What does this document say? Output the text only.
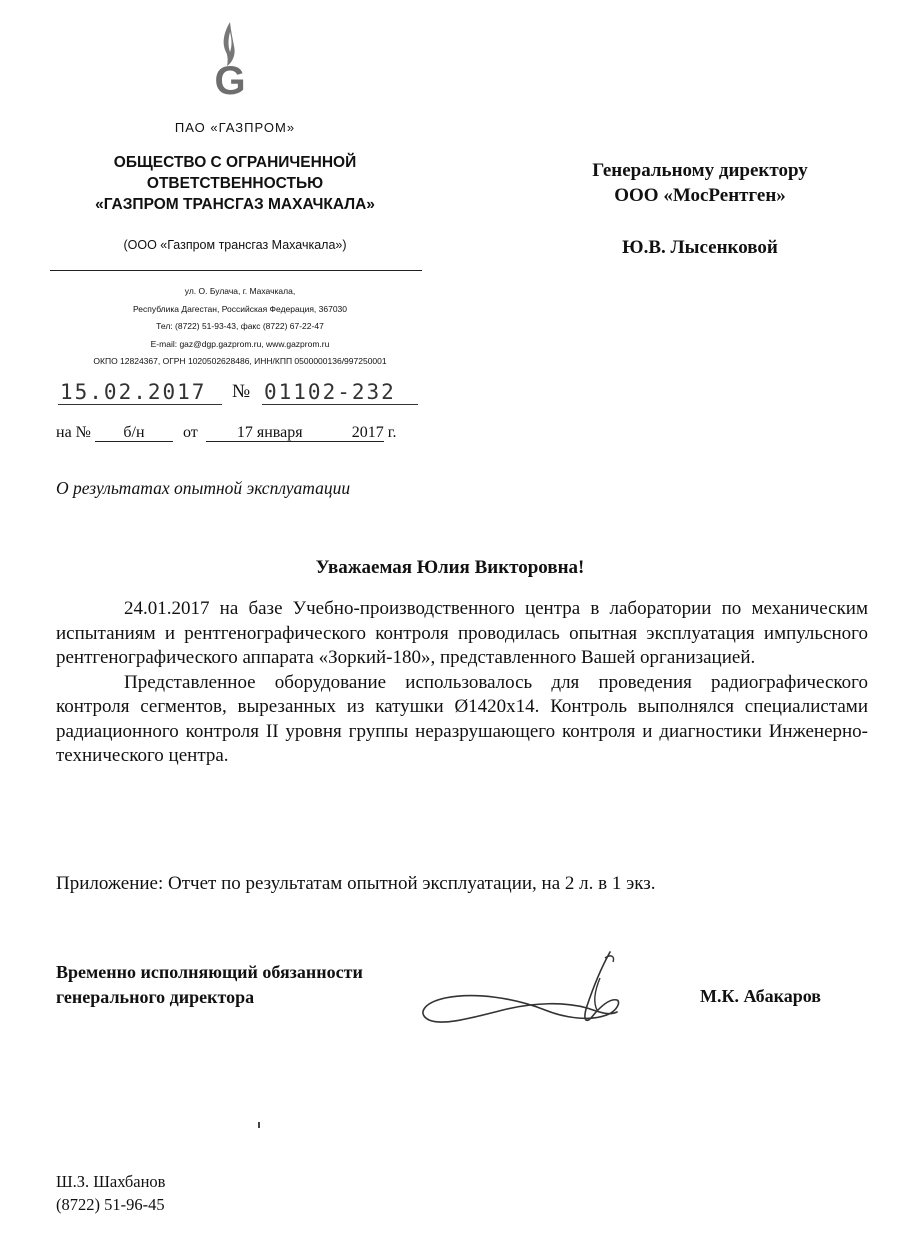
G
ПАО «ГАЗПРОМ»
ОБЩЕСТВО С ОГРАНИЧЕННОЙ
ОТВЕТСТВЕННОСТЬЮ
«ГАЗПРОМ ТРАНСГАЗ МАХАЧКАЛА»
(ООО «Газпром трансгаз Махачкала»)
ул. О. Булача, г. Махачкала,
Республика Дагестан, Российская Федерация, 367030
Тел: (8722) 51-93-43, факс (8722) 67-22-47
E-mail: gaz@dgp.gazprom.ru, www.gazprom.ru
ОКПО 12824367, ОГРН 1020502628486, ИНН/КПП 0500000136/997250001
15.02.2017	№ 01102-232
на № б/н от 17 января	2017 г.
О результатах опытной эксплуатации
Генеральному директору
ООО «МосРентген»
Ю.В. Лысенковой
Уважаемая Юлия Викторовна!

24.01.2017 на базе Учебно-производственного центра в лаборатории по механическим испытаниям и рентгенографического контроля проводилась опытная эксплуатация импульсного рентгенографического аппарата «Зоркий-180», представленного Вашей организацией.

Представленное оборудование использовалось для проведения радиографического контроля сегментов, вырезанных из катушки Ø1420х14. Контроль выполнялся специалистами радиационного контроля II уровня группы неразрушающего контроля и диагностики Инженерно-технического центра.

Приложение: Отчет по результатам опытной эксплуатации, на 2 л. в 1 экз.
Временно исполняющий обязанности
генерального директора	М.К. Абакаров
Ш.З. Шахбанов
(8722) 51-96-45
